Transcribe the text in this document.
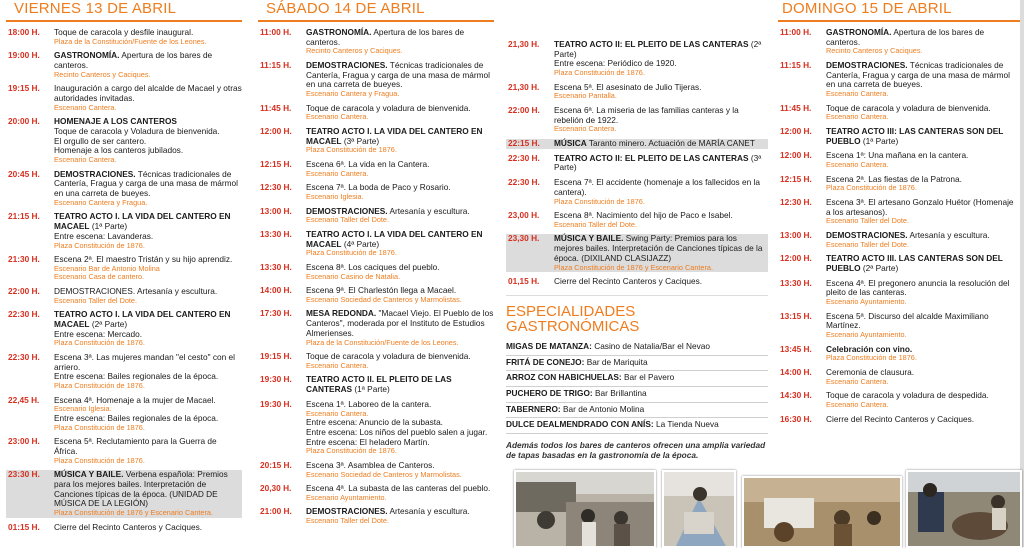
VIERNES 13 DE ABRIL
18:00 H. Toque de caracola y desfile inaugural.
Plaza de la Constitución/Fuente de los Leones.
19:00 H. GASTRONOMÍA. Apertura de los bares de canteros.
Recinto Canteros y Caciques.
19:15 H. Inauguración a cargo del alcalde de Macael y otras autoridades invitadas.
Escenario Cantera.
20:00 H. HOMENAJE A LOS CANTEROS
Toque de caracola y Voladura de bienvenida.
El orgullo de ser cantero.
Homenaje a los canteros jubilados.
Escenario Cantera.
20:45 H. DEMOSTRACIONES. Técnicas tradicionales de Cantería, Fragua y carga de una masa de mármol en una carreta de bueyes.
Escenario Cantera y Fragua.
21:15 H. TEATRO ACTO I. LA VIDA DEL CANTERO EN MACAEL (1ª Parte)
Entre escena: Lavanderas.
Plaza Constitución de 1876.
21:30 H. Escena 2ª. El maestro Tristán y su hijo aprendiz.
Escenario Bar de Antonio Molina
Escenario Casa de cantero.
22:00 H. DEMOSTRACIONES. Artesanía y escultura.
Escenario Taller del Dote.
22:30 H. TEATRO ACTO I. LA VIDA DEL CANTERO EN MACAEL (2ª Parte)
Entre escena: Mercado.
Plaza Constitución de 1876.
22:30 H. Escena 3ª. Las mujeres mandan "el cesto" con el arriero.
Entre escena: Bailes regionales de la época.
Plaza Constitución de 1876.
22,45 H. Escena 4ª. Homenaje a la mujer de Macael.
Escenario Iglesia.
Entre escena: Bailes regionales de la época.
Plaza Constitución de 1876.
23:00 H. Escena 5ª. Reclutamiento para la Guerra de África.
Plaza Constitución de 1876.
23:30 H. MÚSICA Y BAILE. Verbena española: Premios para los mejores bailes. Interpretación de Canciones típicas de la época. (UNIDAD DE MÚSICA DE LA LEGIÓN)
Plaza Constitución de 1876 y Escenario Cantera.
01:15 H. Cierre del Recinto Canteros y Caciques.
SÁBADO 14 DE ABRIL
11:00 H. GASTRONOMÍA. Apertura de los bares de canteros.
Recinto Canteros y Caciques.
11:15 H. DEMOSTRACIONES. Técnicas tradicionales de Cantería, Fragua y carga de una masa de mármol en una carreta de bueyes.
Escenario Cantera y Fragua.
11:45 H. Toque de caracola y voladura de bienvenida.
Escenario Cantera.
12:00 H. TEATRO ACTO I. LA VIDA DEL CANTERO EN MACAEL (3ª Parte)
Plaza Constitución de 1876.
12:15 H. Escena 6ª. La vida en la Cantera.
Escenario Cantera.
12:30 H. Escena 7ª. La boda de Paco y Rosario.
Escenario Iglesia.
13:00 H. DEMOSTRACIONES. Artesanía y escultura.
Escenario Taller del Dote.
13:30 H. TEATRO ACTO I. LA VIDA DEL CANTERO EN MACAEL (4ª Parte)
Plaza Constitución de 1876.
13:30 H. Escena 8ª. Los caciques del pueblo.
Escenario Casino de Natalia.
14:00 H. Escena 9ª. El Charlestón llega a Macael.
Escenario Sociedad de Canteros y Marmolistas.
17:30 H. MESA REDONDA. "Macael Viejo. El Pueblo de los Canteros", moderada por el Instituto de Estudios Almerienses.
Plaza de la Constitución/Fuente de los Leones.
19:15 H. Toque de caracola y voladura de bienvenida.
Escenario Cantera.
19:30 H. TEATRO ACTO II. EL PLEITO DE LAS CANTERAS (1ª Parte)
19:30 H. Escena 1ª. Laboreo de la cantera.
Escenario Cantera.
Entre escena: Anuncio de la subasta.
Entre escena: Los niños del pueblo salen a jugar.
Entre escena: El heladero Martín.
Plaza Constitución de 1876.
20:15 H. Escena 3ª. Asamblea de Canteros.
Escenario Sociedad de Canteros y Marmolistas.
20,30 H. Escena 4ª. La subasta de las canteras del pueblo.
Escenario Ayuntamiento.
21:00 H. DEMOSTRACIONES. Artesanía y escultura.
Escenario Taller del Dote.
21,30 H. TEATRO ACTO II: EL PLEITO DE LAS CANTERAS (2ª Parte)
Entre escena: Periódico de 1920.
Plaza Constitución de 1876.
21,30 H. Escena 5ª. El asesinato de Julio Tijeras.
Escenario Pantalla.
22:00 H. Escena 6ª. La miseria de las familias canteras y la rebelión de 1922.
Escenario Cantera.
22:15 H. MÚSICA Taranto minero. Actuación de MARÍA CANET
22:30 H. TEATRO ACTO II: EL PLEITO DE LAS CANTERAS (3ª Parte)
22:30 H. Escena 7ª. El accidente (homenaje a los fallecidos en la cantera).
Plaza Constitución de 1876.
23,00 H. Escena 8ª. Nacimiento del hijo de Paco e Isabel.
Escenario Taller del Dote.
23,30 H. MÚSICA Y BAILE. Swing Party: Premios para los mejores bailes. Interpretación de Canciones típicas de la época. (DIXILAND CLASIJAZZ)
Plaza Constitución de 1876 y Escenario Cantera.
01,15 H. Cierre del Recinto Canteros y Caciques.
ESPECIALIDADES
GASTRONÓMICAS
MIGAS DE MATANZA: Casino de Natalia/Bar el Nevao
FRITÁ DE CONEJO: Bar de Mariquita
ARROZ CON HABICHUELAS: Bar el Pavero
PUCHERO DE TRIGO: Bar Brillantina
TABERNERO: Bar de Antonio Molina
DULCE DEALMENDRADO CON ANÍS: La Tienda Nueva
Además todos los bares de canteros ofrecen una amplia variedad de tapas basadas en la gastronomía de la época.
DOMINGO 15 DE ABRIL
11:00 H. GASTRONOMÍA. Apertura de los bares de canteros.
Recinto Canteros y Caciques.
11:15 H. DEMOSTRACIONES. Técnicas tradicionales de Cantería, Fragua y carga de una masa de mármol en una carreta de bueyes.
Escenario Cantera.
11:45 H. Toque de caracola y voladura de bienvenida.
Escenario Cantera.
12:00 H. TEATRO ACTO III: LAS CANTERAS SON DEL PUEBLO (1ª Parte)
12:00 H. Escena 1ª: Una mañana en la cantera.
Escenario Cantera.
12:15 H. Escena 2ª. Las fiestas de la Patrona.
Plaza Constitución de 1876.
12:30 H. Escena 3ª. El artesano Gonzalo Huétor (Homenaje a los artesanos).
Escenario Taller del Dote.
13:00 H. DEMOSTRACIONES. Artesanía y escultura.
Escenario Taller del Dote.
12:00 H. TEATRO ACTO III. LAS CANTERAS SON DEL PUEBLO (2ª Parte)
13:30 H. Escena 4ª. El pregonero anuncia la resolución del pleito de las canteras.
Escenario Ayuntamiento.
13:15 H. Escena 5ª. Discurso del alcalde Maximiliano Martínez.
Escenario Ayuntamiento.
13:45 H. Celebración con vino.
Plaza Constitución de 1876.
14:00 H. Ceremonia de clausura.
Escenario Cantera.
14:30 H. Toque de caracola y voladura de despedida.
Escenario Cantera.
16:30 H. Cierre del Recinto Canteros y Caciques.
